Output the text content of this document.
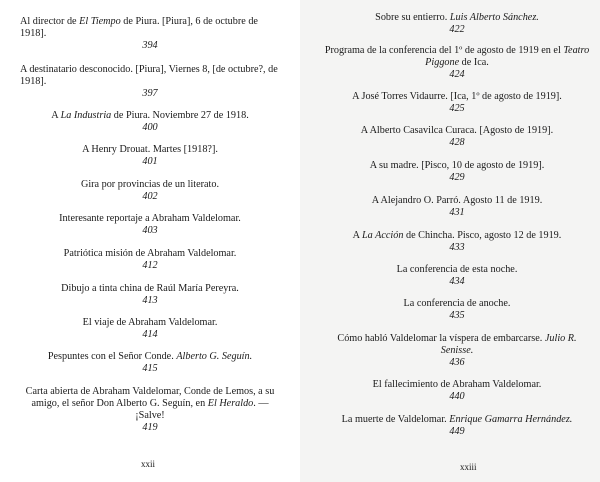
Al director de El Tiempo de Piura. [Piura], 6 de octubre de 1918].
394
A destinatario desconocido. [Piura], Viernes 8, [de octubre?, de 1918].
397
A La Industria de Piura. Noviembre 27 de 1918.
400
A Henry Drouat. Martes [1918?].
401
Gira por provincias de un literato.
402
Interesante reportaje a Abraham Valdelomar.
403
Patriótica misión de Abraham Valdelomar.
412
Dibujo a tinta china de Raúl María Pereyra.
413
El viaje de Abraham Valdelomar.
414
Pespuntes con el Señor Conde. Alberto G. Seguín.
415
Carta abierta de Abraham Valdelomar, Conde de Lemos, a su amigo, el señor Don Alberto G. Seguín, en El Heraldo. — ¡Salve!
419
xxii
Sobre su entierro. Luis Alberto Sánchez.
422
Programa de la conferencia del 1º de agosto de 1919 en el Teatro Piggone de Ica.
424
A José Torres Vidaurre. [Ica, 1º de agosto de 1919].
425
A Alberto Casavilca Curaca. [Agosto de 1919].
428
A su madre. [Pisco, 10 de agosto de 1919].
429
A Alejandro O. Parró. Agosto 11 de 1919.
431
A La Acción de Chincha. Pisco, agosto 12 de 1919.
433
La conferencia de esta noche.
434
La conferencia de anoche.
435
Cómo habló Valdelomar la víspera de embarcarse. Julio R. Senisse.
436
El fallecimiento de Abraham Valdelomar.
440
La muerte de Valdelomar. Enrique Gamarra Hernández.
449
xxiii
